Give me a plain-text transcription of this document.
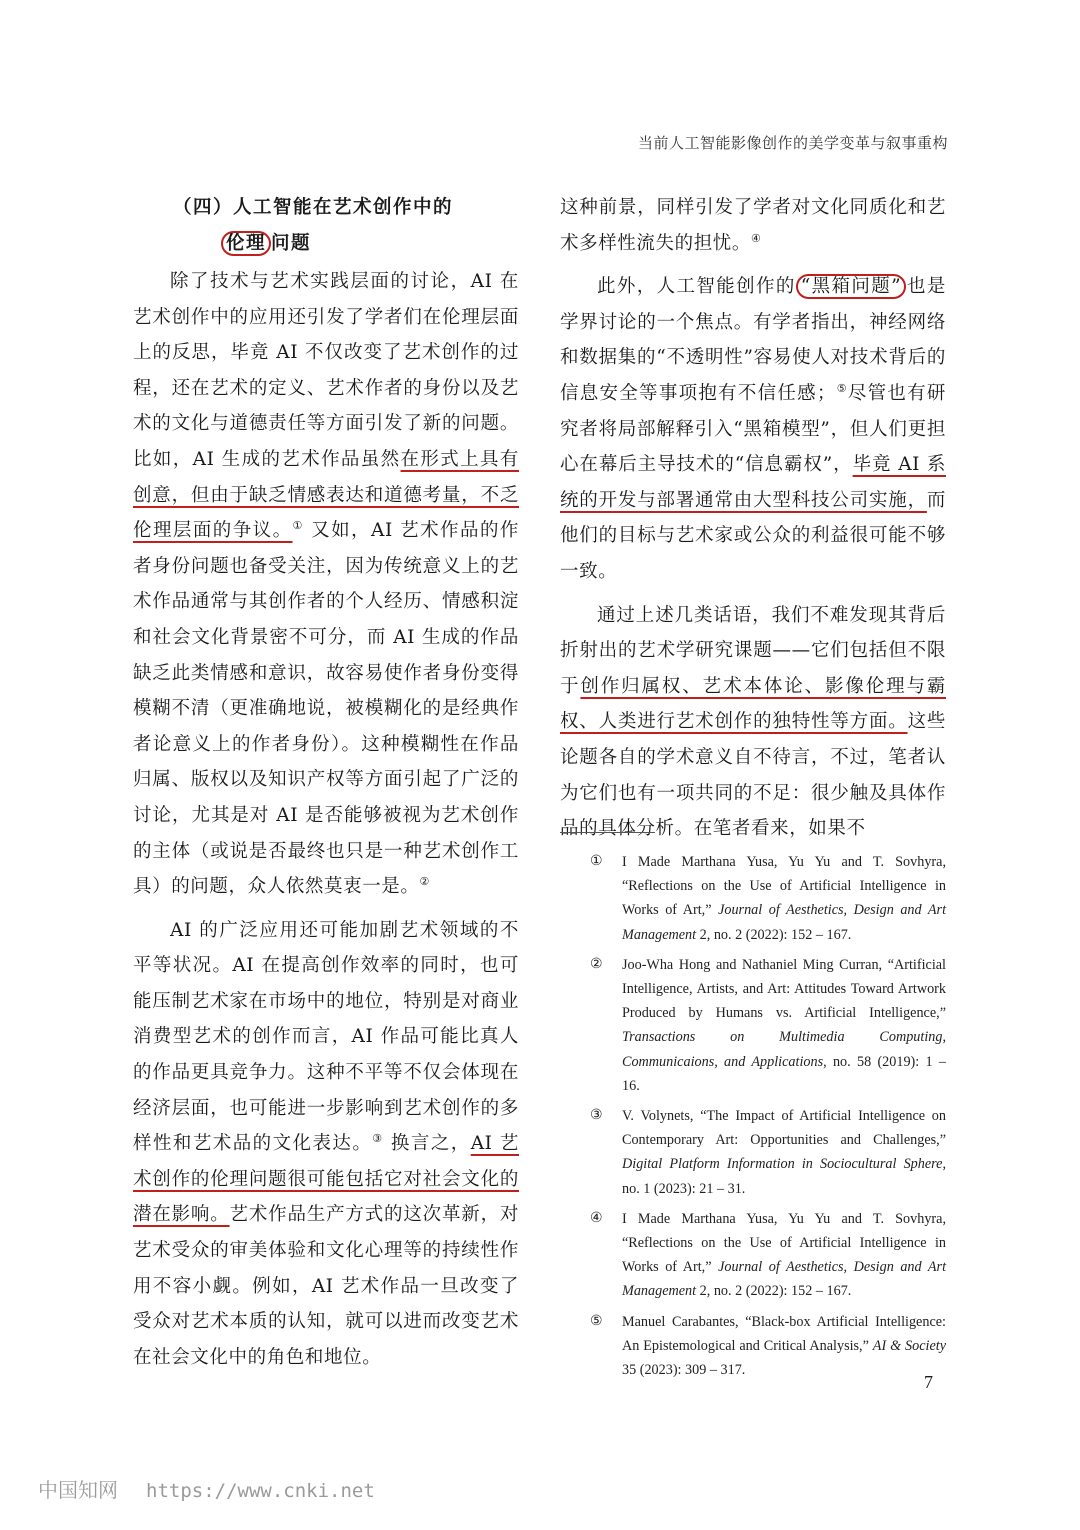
当前人工智能影像创作的美学变革与叙事重构
（四）人工智能在艺术创作中的
伦理 问题

除了技术与艺术实践层面的讨论，AI 在艺术创作中的应用还引发了学者们在伦理层面上的反思，毕竟 AI 不仅改变了艺术创作的过程，还在艺术的定义、艺术作者的身份以及艺术的文化与道德责任等方面引发了新的问题。比如，AI 生成的艺术作品虽然在形式上具有创意，但由于缺乏情感表达和道德考量，不乏伦理层面的争议。① 又如，AI 艺术作品的作者身份问题也备受关注，因为传统意义上的艺术作品通常与其创作者的个人经历、情感积淀和社会文化背景密不可分，而 AI 生成的作品缺乏此类情感和意识，故容易使作者身份变得模糊不清（更准确地说，被模糊化的是经典作者论意义上的作者身份）。这种模糊性在作品归属、版权以及知识产权等方面引起了广泛的讨论，尤其是对 AI 是否能够被视为艺术创作的主体（或说是否最终也只是一种艺术创作工具）的问题，众人依然莫衷一是。②

AI 的广泛应用还可能加剧艺术领域的不平等状况。AI 在提高创作效率的同时，也可能压制艺术家在市场中的地位，特别是对商业消费型艺术的创作而言，AI 作品可能比真人的作品更具竞争力。这种不平等不仅会体现在经济层面，也可能进一步影响到艺术创作的多样性和艺术品的文化表达。③ 换言之，AI 艺术创作的伦理问题很可能包括它对社会文化的潜在影响。艺术作品生产方式的这次革新，对艺术受众的审美体验和文化心理等的持续性作用不容小觑。例如，AI 艺术作品一旦改变了受众对艺术本质的认知，就可以进而改变艺术在社会文化中的角色和地位。

这种前景，同样引发了学者对文化同质化和艺术多样性流失的担忧。④

此外，人工智能创作的 “黑箱问题” 也是学界讨论的一个焦点。有学者指出，神经网络和数据集的“不透明性”容易使人对技术背后的信息安全等事项抱有不信任感；⑤尽管也有研究者将局部解释引入“黑箱模型”，但人们更担心在幕后主导技术的“信息霸权”，毕竟 AI 系统的开发与部署通常由大型科技公司实施，而他们的目标与艺术家或公众的利益很可能不够一致。

通过上述几类话语，我们不难发现其背后折射出的艺术学研究课题——它们包括但不限于创作归属权、艺术本体论、影像伦理与霸权、人类进行艺术创作的独特性等方面。这些论题各自的学术意义自不待言，不过，笔者认为它们也有一项共同的不足：很少触及具体作品的具体分析。在笔者看来，如果不

① I Made Marthana Yusa, Yu Yu and T. Sovhyra, “Reflections on the Use of Artificial Intelligence in Works of Art,” Journal of Aesthetics, Design and Art Management 2, no. 2 (2022): 152 – 167.
② Joo-Wha Hong and Nathaniel Ming Curran, “Artificial Intelligence, Artists, and Art: Attitudes Toward Artwork Produced by Humans vs. Artificial Intelligence,” Transactions on Multimedia Computing, Communicaions, and Applications, no. 58 (2019): 1 – 16.
③ V. Volynets, “The Impact of Artificial Intelligence on Contemporary Art: Opportunities and Challenges,” Digital Platform Information in Sociocultural Sphere, no. 1 (2023): 21 – 31.
④ I Made Marthana Yusa, Yu Yu and T. Sovhyra, “Reflections on the Use of Artificial Intelligence in Works of Art,” Journal of Aesthetics, Design and Art Management 2, no. 2 (2022): 152 – 167.
⑤ Manuel Carabantes, “Black-box Artificial Intelligence: An Epistemological and Critical Analysis,” AI & Society 35 (2023): 309 – 317.
7
中国知网 https://www.cnki.net
